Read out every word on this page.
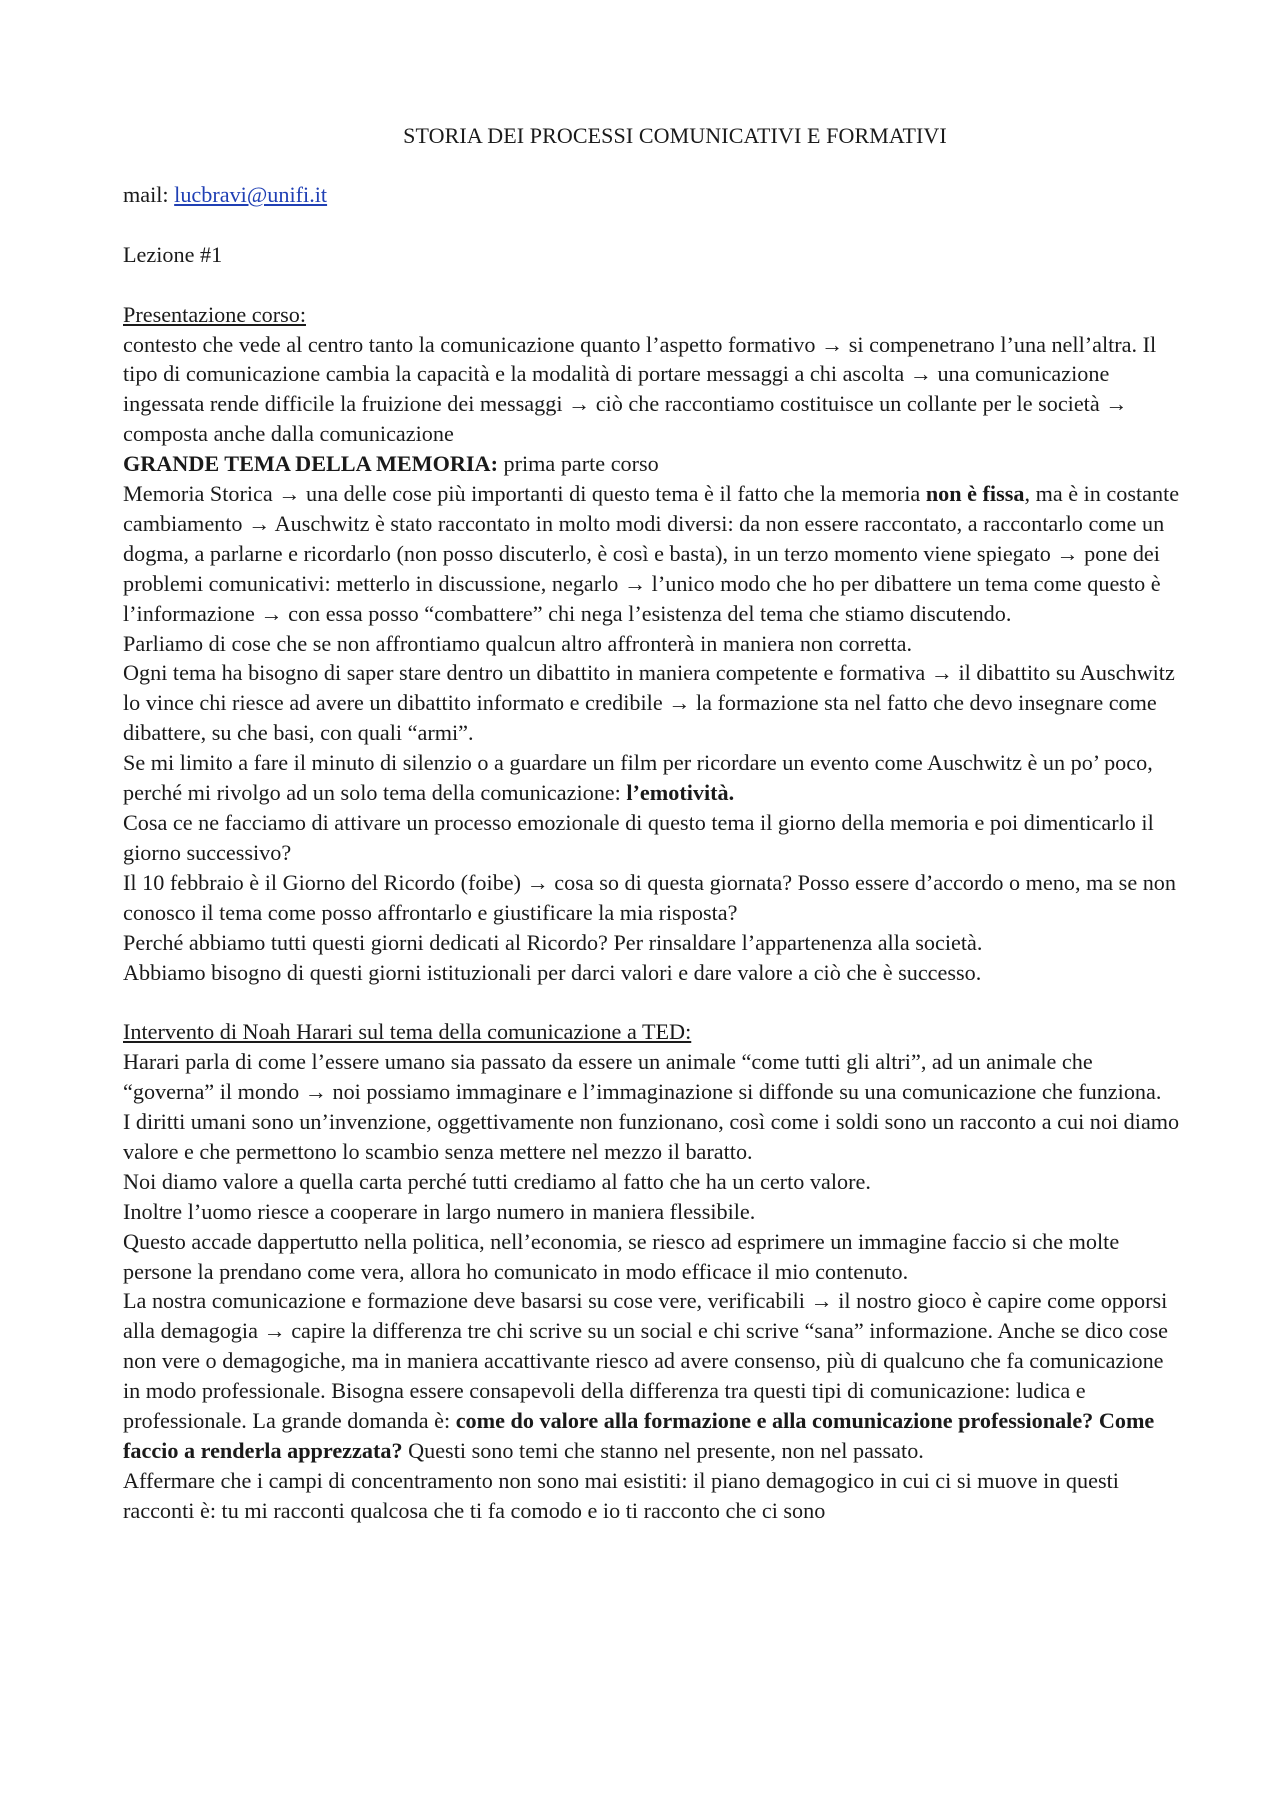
STORIA DEI PROCESSI COMUNICATIVI E FORMATIVI

mail: lucbravi@unifi.it

Lezione #1

Presentazione corso:

contesto che vede al centro tanto la comunicazione quanto l’aspetto formativo → si compenetrano l’una nell’altra. Il tipo di comunicazione cambia la capacità e la modalità di portare messaggi a chi ascolta → una comunicazione ingessata rende difficile la fruizione dei messaggi → ciò che raccontiamo costituisce un collante per le società → composta anche dalla comunicazione

GRANDE TEMA DELLA MEMORIA: prima parte corso

Memoria Storica → una delle cose più importanti di questo tema è il fatto che la memoria non è fissa, ma è in costante cambiamento → Auschwitz è stato raccontato in molto modi diversi: da non essere raccontato, a raccontarlo come un dogma, a parlarne e ricordarlo (non posso discuterlo, è così e basta), in un terzo momento viene spiegato → pone dei problemi comunicativi: metterlo in discussione, negarlo → l’unico modo che ho per dibattere un tema come questo è l’informazione → con essa posso “combattere” chi nega l’esistenza del tema che stiamo discutendo.

Parliamo di cose che se non affrontiamo qualcun altro affronterà in maniera non corretta.

Ogni tema ha bisogno di saper stare dentro un dibattito in maniera competente e formativa → il dibattito su Auschwitz lo vince chi riesce ad avere un dibattito informato e credibile → la formazione sta nel fatto che devo insegnare come dibattere, su che basi, con quali “armi”.

Se mi limito a fare il minuto di silenzio o a guardare un film per ricordare un evento come Auschwitz è un po’ poco, perché mi rivolgo ad un solo tema della comunicazione: l’emotività.

Cosa ce ne facciamo di attivare un processo emozionale di questo tema il giorno della memoria e poi dimenticarlo il giorno successivo?

Il 10 febbraio è il Giorno del Ricordo (foibe) → cosa so di questa giornata? Posso essere d’accordo o meno, ma se non conosco il tema come posso affrontarlo e giustificare la mia risposta?

Perché abbiamo tutti questi giorni dedicati al Ricordo? Per rinsaldare l’appartenenza alla società.

Abbiamo bisogno di questi giorni istituzionali per darci valori e dare valore a ciò che è successo.

Intervento di Noah Harari sul tema della comunicazione a TED:

Harari parla di come l’essere umano sia passato da essere un animale “come tutti gli altri”, ad un animale che “governa” il mondo → noi possiamo immaginare e l’immaginazione si diffonde su una comunicazione che funziona.

I diritti umani sono un’invenzione, oggettivamente non funzionano, così come i soldi sono un racconto a cui noi diamo valore e che permettono lo scambio senza mettere nel mezzo il baratto.

Noi diamo valore a quella carta perché tutti crediamo al fatto che ha un certo valore.

Inoltre l’uomo riesce a cooperare in largo numero in maniera flessibile.

Questo accade dappertutto nella politica, nell’economia, se riesco ad esprimere un immagine faccio si che molte persone la prendano come vera, allora ho comunicato in modo efficace il mio contenuto.

La nostra comunicazione e formazione deve basarsi su cose vere, verificabili → il nostro gioco è capire come opporsi alla demagogia → capire la differenza tre chi scrive su un social e chi scrive “sana” informazione. Anche se dico cose non vere o demagogiche, ma in maniera accattivante riesco ad avere consenso, più di qualcuno che fa comunicazione in modo professionale. Bisogna essere consapevoli della differenza tra questi tipi di comunicazione: ludica e professionale. La grande domanda è: come do valore alla formazione e alla comunicazione professionale? Come faccio a renderla apprezzata? Questi sono temi che stanno nel presente, non nel passato.

Affermare che i campi di concentramento non sono mai esistiti: il piano demagogico in cui ci si muove in questi racconti è: tu mi racconti qualcosa che ti fa comodo e io ti racconto che ci sono
